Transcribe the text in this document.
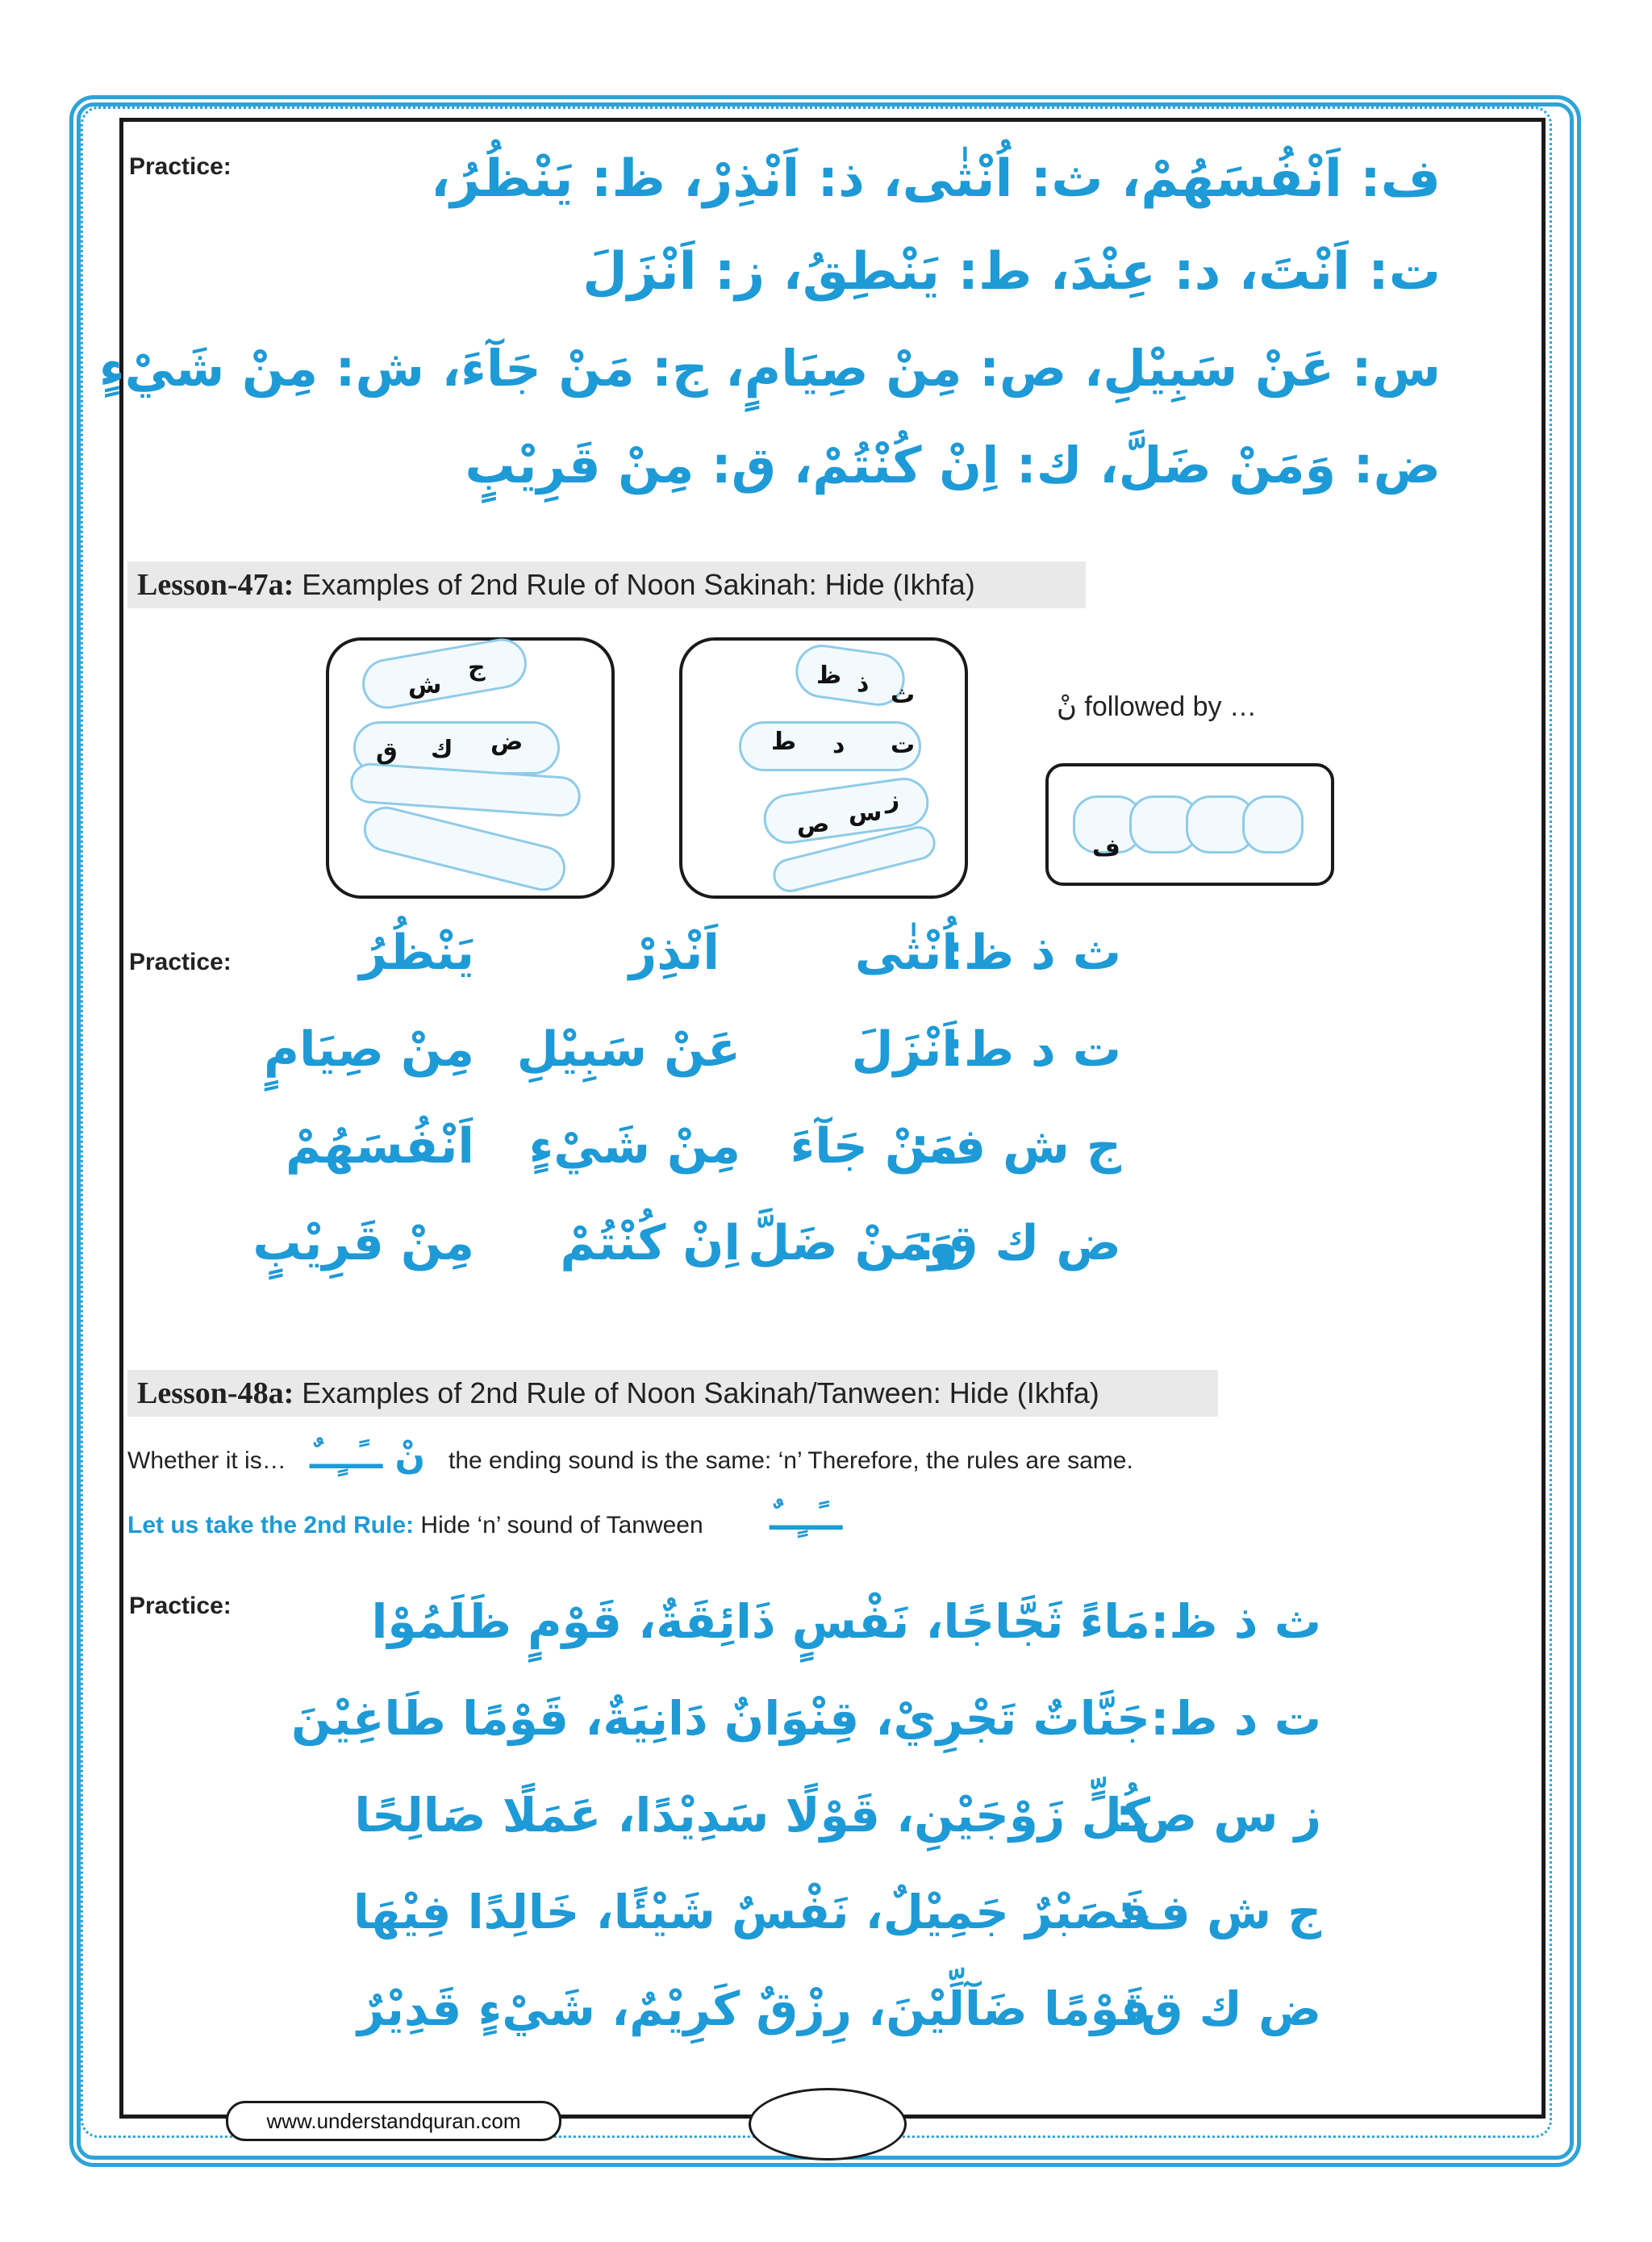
Practice:	ف: اَنْفُسَهُمْ، ث: اُنْثٰى، ذ: اَنْذِرْ، ظ: يَنْظُرُ،
ت: اَنْتَ، د: عِنْدَ، ط: يَنْطِقُ، ز: اَنْزَلَ
س: عَنْ سَبِيْلِ، ص: مِنْ صِيَامٍ، ج: مَنْ جَآءَ، ش: مِنْ شَيْءٍ
ض: وَمَنْ ضَلَّ، ك: اِنْ كُنْتُمْ، ق: مِنْ قَرِيْبٍ
Lesson-47a: Examples of 2nd Rule of Noon Sakinah: Hide (Ikhfa)
ج
ش
ض
ك
ق
ظ ذ ث
ط د ت
ز
س
ص
نْ followed by …
ف
Practice:	ث ذ ظ:
اُنْثٰى
اَنْذِرْ
يَنْظُرُ
ت د ط:
اَنْزَلَ
عَنْ سَبِيْلِ
مِنْ صِيَامٍ
ج ش ف:
مَنْ جَآءَ
مِنْ شَيْءٍ
اَنْفُسَهُمْ
ض ك ق:
وَمَنْ ضَلَّ
اِنْ كُنْتُمْ
مِنْ قَرِيْبٍ
Lesson-48a: Examples of 2nd Rule of Noon Sakinah/Tanween: Hide (Ikhfa)
Whether it is… نْ ــًــٍــٌ the ending sound is the same: ‘n’ Therefore, the rules are same.
Let us take the 2nd Rule: Hide ‘n’ sound of Tanween ــًــٍــٌ
Practice:	ث ذ ظ:
مَاءً ثَجَّاجًا، نَفْسٍ ذَائِقَةٌ، قَوْمٍ ظَلَمُوْا
ت د ط:
جَنَّاتٌ تَجْرِيْ، قِنْوَانٌ دَانِيَةٌ، قَوْمًا طَاغِيْنَ
ز س ص:
كُلٍّ زَوْجَيْنِ، قَوْلًا سَدِيْدًا، عَمَلًا صَالِحًا
ج ش ف:
فَصَبْرٌ جَمِيْلٌ، نَفْسٌ شَيْئًا، خَالِدًا فِيْهَا
ض ك ق:
قَوْمًا ضَآلِّيْنَ، رِزْقٌ كَرِيْمٌ، شَيْءٍ قَدِيْرٌ
www.understandquran.com
